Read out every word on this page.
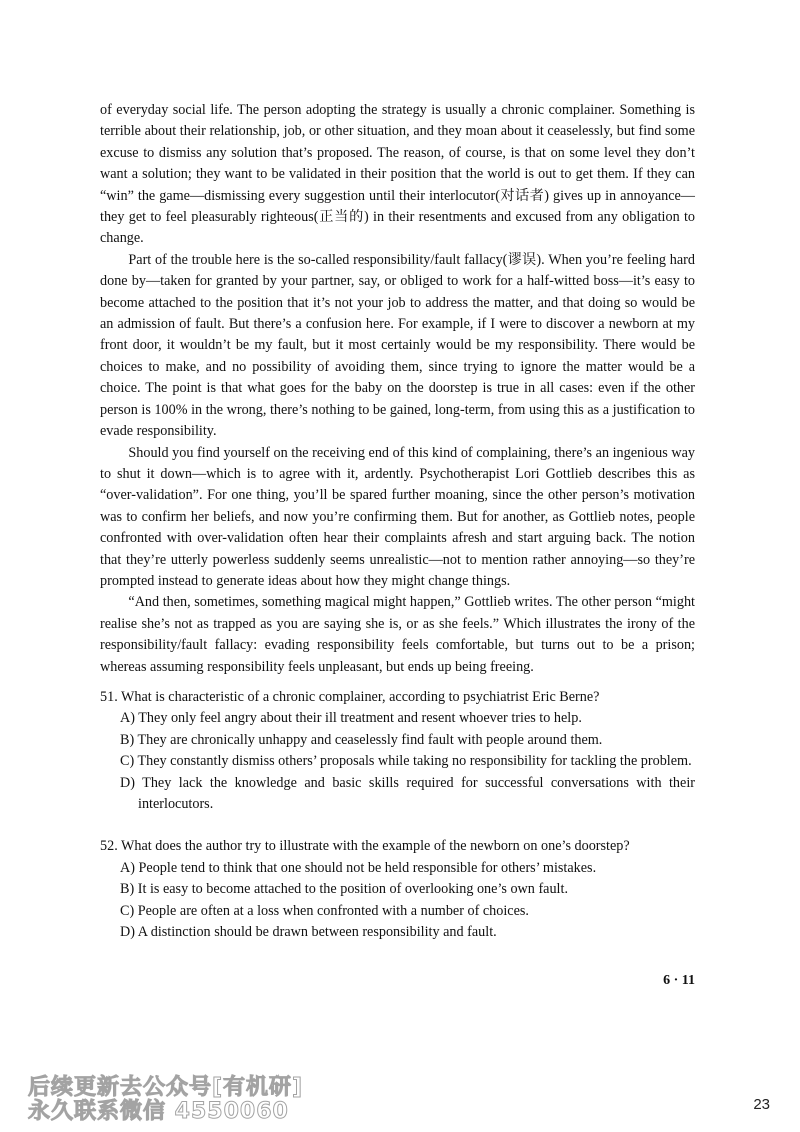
of everyday social life. The person adopting the strategy is usually a chronic complainer. Something is terrible about their relationship, job, or other situation, and they moan about it ceaselessly, but find some excuse to dismiss any solution that’s proposed. The reason, of course, is that on some level they don’t want a solution; they want to be validated in their position that the world is out to get them. If they can “win” the game—dismissing every suggestion until their interlocutor(对话者) gives up in annoyance—they get to feel pleasurably righteous(正当的) in their resentments and excused from any obligation to change.

Part of the trouble here is the so-called responsibility/fault fallacy(谬误). When you’re feeling hard done by—taken for granted by your partner, say, or obliged to work for a half-witted boss—it’s easy to become attached to the position that it’s not your job to address the matter, and that doing so would be an admission of fault. But there’s a confusion here. For example, if I were to discover a newborn at my front door, it wouldn’t be my fault, but it most certainly would be my responsibility. There would be choices to make, and no possibility of avoiding them, since trying to ignore the matter would be a choice. The point is that what goes for the baby on the doorstep is true in all cases: even if the other person is 100% in the wrong, there’s nothing to be gained, long-term, from using this as a justification to evade responsibility.

Should you find yourself on the receiving end of this kind of complaining, there’s an ingenious way to shut it down—which is to agree with it, ardently. Psychotherapist Lori Gottlieb describes this as “over-validation”. For one thing, you’ll be spared further moaning, since the other person’s motivation was to confirm her beliefs, and now you’re confirming them. But for another, as Gottlieb notes, people confronted with over-validation often hear their complaints afresh and start arguing back. The notion that they’re utterly powerless suddenly seems unrealistic—not to mention rather annoying—so they’re prompted instead to generate ideas about how they might change things.

“And then, sometimes, something magical might happen,” Gottlieb writes. The other person “might realise she’s not as trapped as you are saying she is, or as she feels.” Which illustrates the irony of the responsibility/fault fallacy: evading responsibility feels comfortable, but turns out to be a prison; whereas assuming responsibility feels unpleasant, but ends up being freeing.

51. What is characteristic of a chronic complainer, according to psychiatrist Eric Berne?

A) They only feel angry about their ill treatment and resent whoever tries to help.
B) They are chronically unhappy and ceaselessly find fault with people around them.
C) They constantly dismiss others’ proposals while taking no responsibility for tackling the problem.
D) They lack the knowledge and basic skills required for successful conversations with their interlocutors.

52. What does the author try to illustrate with the example of the newborn on one’s doorstep?

A) People tend to think that one should not be held responsible for others’ mistakes.
B) It is easy to become attached to the position of overlooking one’s own fault.
C) People are often at a loss when confronted with a number of choices.
D) A distinction should be drawn between responsibility and fault.
6 · 11
后续更新去公众号[有机研]
永久联系微信 4550060	23
